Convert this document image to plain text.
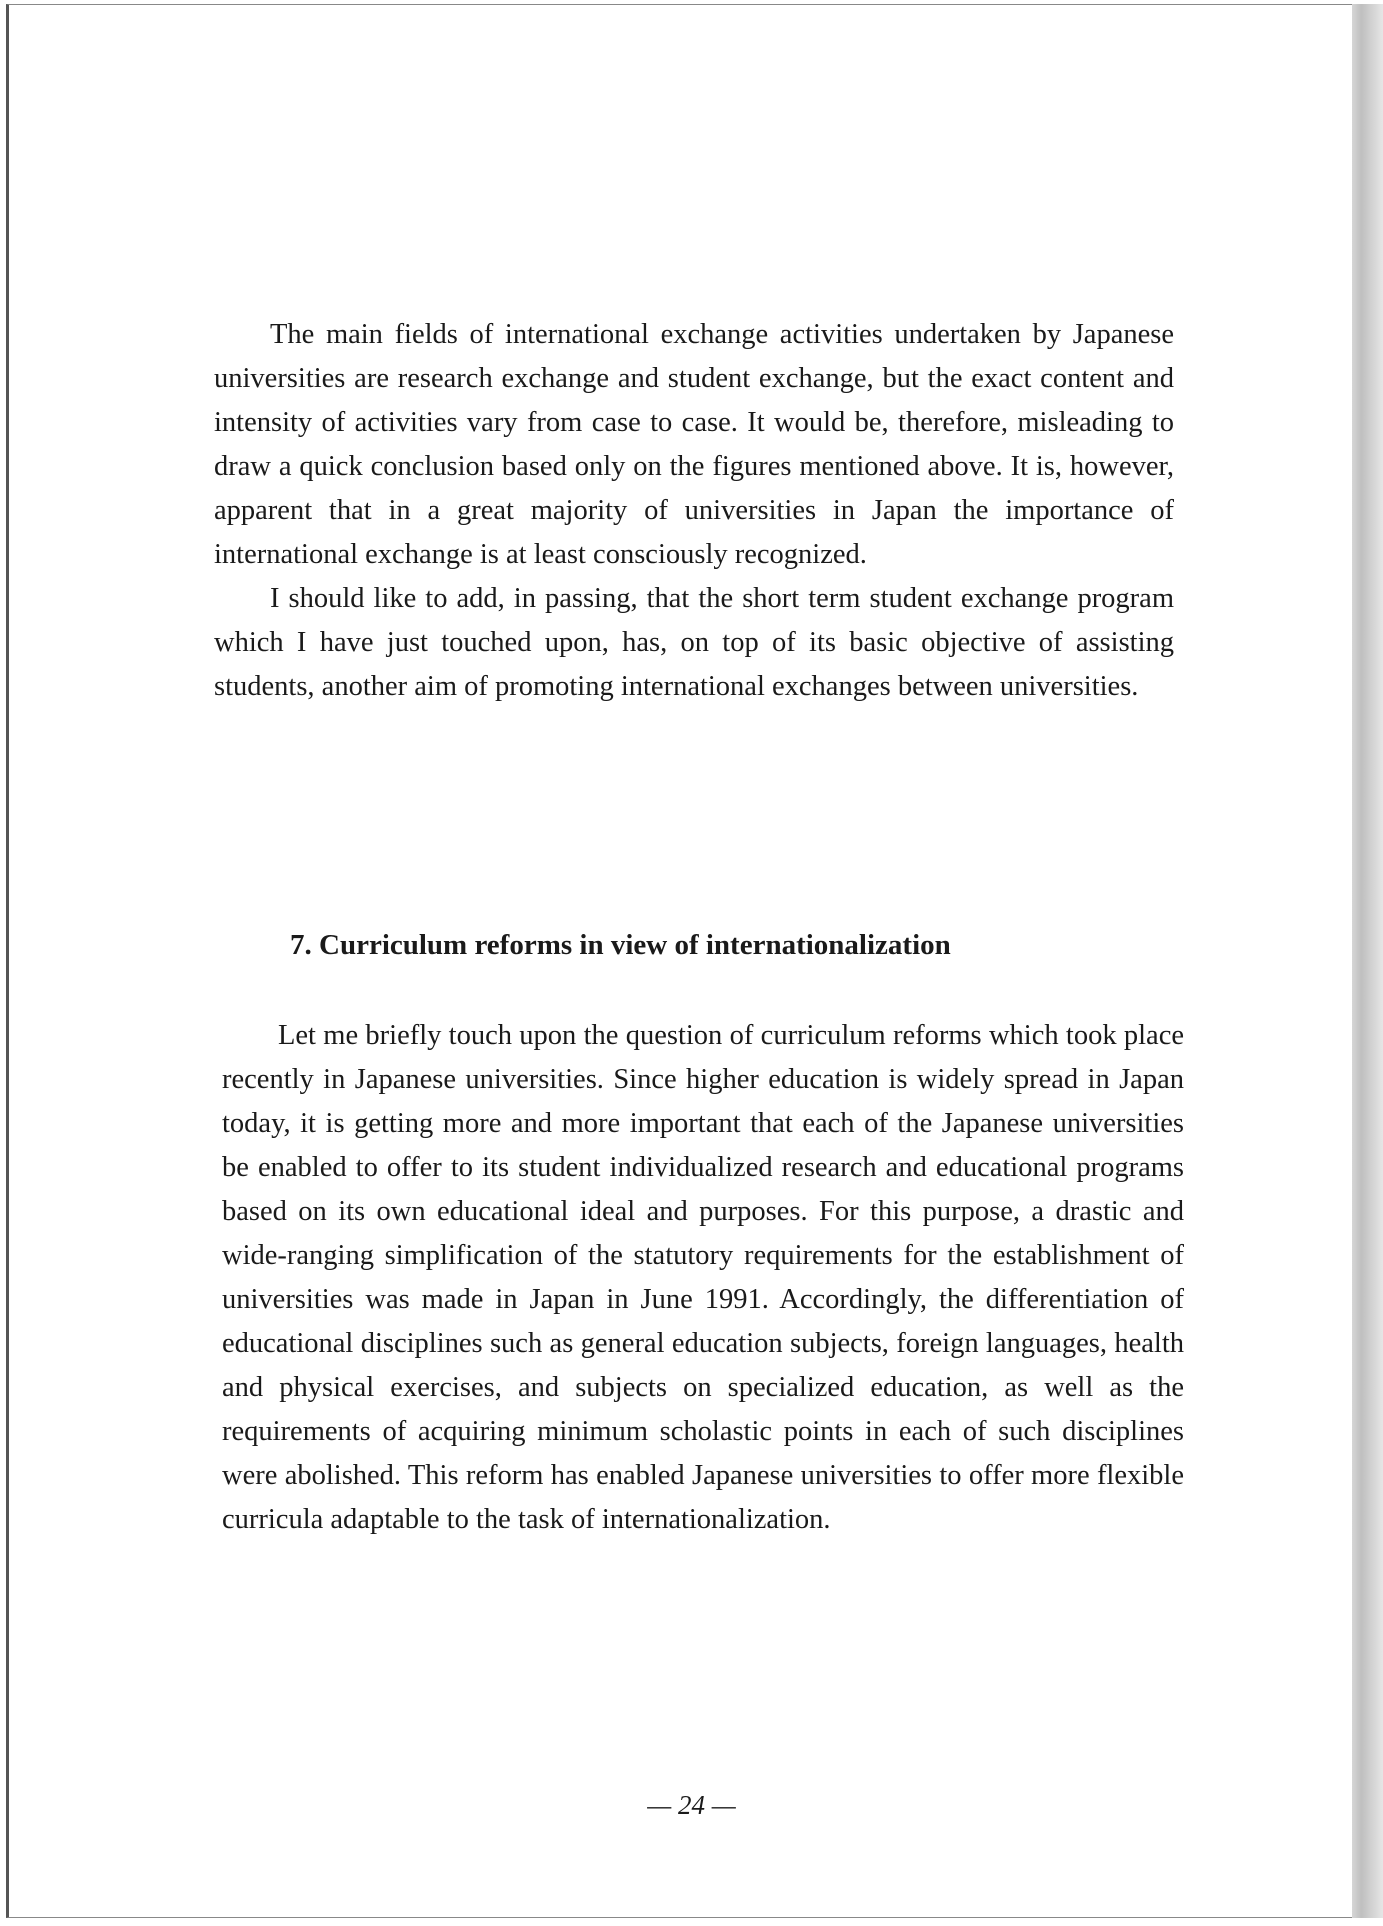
The main fields of international exchange activities undertaken by Japanese universities are research exchange and student exchange, but the exact content and intensity of activities vary from case to case. It would be, therefore, misleading to draw a quick conclusion based only on the figures mentioned above. It is, however, apparent that in a great majority of universities in Japan the importance of international exchange is at least consciously recognized.

I should like to add, in passing, that the short term student exchange program which I have just touched upon, has, on top of its basic objective of assisting students, another aim of promoting international exchanges between universities.

7. Curriculum reforms in view of internationalization

Let me briefly touch upon the question of curriculum reforms which took place recently in Japanese universities. Since higher education is widely spread in Japan today, it is getting more and more important that each of the Japanese universities be enabled to offer to its student individualized research and educational programs based on its own educational ideal and purposes. For this purpose, a drastic and wide-ranging simplification of the statutory requirements for the establishment of universities was made in Japan in June 1991. Accordingly, the differentiation of educational disciplines such as general education subjects, foreign languages, health and physical exercises, and subjects on specialized education, as well as the requirements of acquiring minimum scholastic points in each of such disciplines were abolished. This reform has enabled Japanese universities to offer more flexible curricula adaptable to the task of internationalization.

— 24 —
